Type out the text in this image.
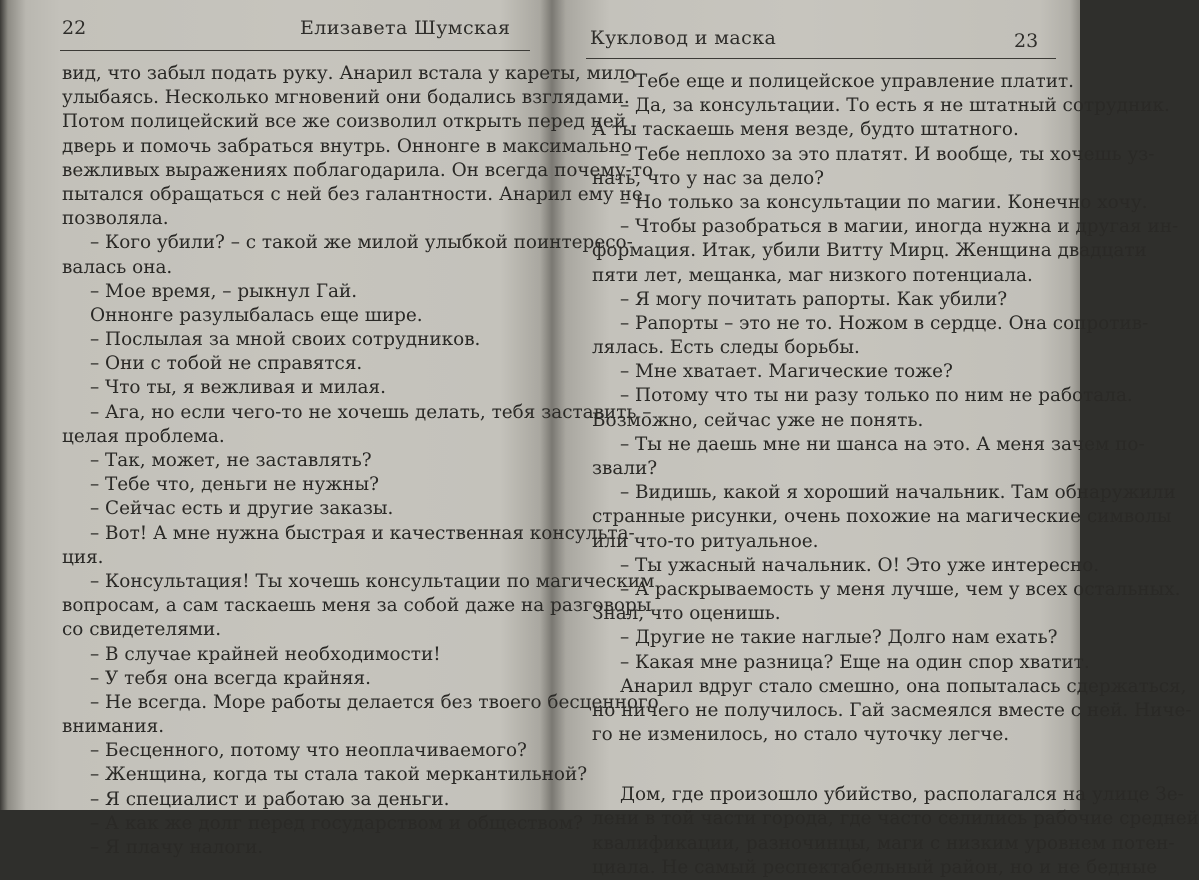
22	Елизавета Шумская
вид, что забыл подать руку. Анарил встала у кареты, мило
улыбаясь. Несколько мгновений они бодались взглядами.
Потом полицейский все же соизволил открыть перед ней
дверь и помочь забраться внутрь. Оннонге в максимально
вежливых выражениях поблагодарила. Он всегда почему-то
пытался обращаться с ней без галантности. Анарил ему не
позволяла.
– Кого убили? – с такой же милой улыбкой поинтересо-
валась она.
– Мое время, – рыкнул Гай.
Оннонге разулыбалась еще шире.
– Послылая за мной своих сотрудников.
– Они с тобой не справятся.
– Что ты, я вежливая и милая.
– Ага, но если чего-то не хочешь делать, тебя заставить –
целая проблема.
– Так, может, не заставлять?
– Тебе что, деньги не нужны?
– Сейчас есть и другие заказы.
– Вот! А мне нужна быстрая и качественная консульта-
ция.
– Консультация! Ты хочешь консультации по магическим
вопросам, а сам таскаешь меня за собой даже на разговоры
со свидетелями.
– В случае крайней необходимости!
– У тебя она всегда крайняя.
– Не всегда. Море работы делается без твоего бесценного
внимания.
– Бесценного, потому что неоплачиваемого?
– Женщина, когда ты стала такой меркантильной?
– Я специалист и работаю за деньги.
– А как же долг перед государством и обществом?
– Я плачу налоги.
Кукловод и маска	23
– Тебе еще и полицейское управление платит.
– Да, за консультации. То есть я не штатный сотрудник.
А ты таскаешь меня везде, будто штатного.
– Тебе неплохо за это платят. И вообще, ты хочешь уз-
нать, что у нас за дело?
– Но только за консультации по магии. Конечно хочу.
– Чтобы разобраться в магии, иногда нужна и другая ин-
формация. Итак, убили Витту Мирц. Женщина двадцати
пяти лет, мещанка, маг низкого потенциала.
– Я могу почитать рапорты. Как убили?
– Рапорты – это не то. Ножом в сердце. Она сопротив-
лялась. Есть следы борьбы.
– Мне хватает. Магические тоже?
– Потому что ты ни разу только по ним не работала.
Возможно, сейчас уже не понять.
– Ты не даешь мне ни шанса на это. А меня зачем по-
звали?
– Видишь, какой я хороший начальник. Там обнаружили
странные рисунки, очень похожие на магические символы
или что-то ритуальное.
– Ты ужасный начальник. О! Это уже интересно.
– А раскрываемость у меня лучше, чем у всех остальных.
Знал, что оценишь.
– Другие не такие наглые? Долго нам ехать?
– Какая мне разница? Еще на один спор хватит.
Анарил вдруг стало смешно, она попыталась сдержаться,
но ничего не получилось. Гай засмеялся вместе с ней. Ниче-
го не изменилось, но стало чуточку легче.
Дом, где произошло убийство, располагался на улице Зе-
лени в той части города, где часто селились рабочие средней
квалификации, разночинцы, маги с низким уровнем потен-
циала. Не самый респектабельный район, но и не бедные
